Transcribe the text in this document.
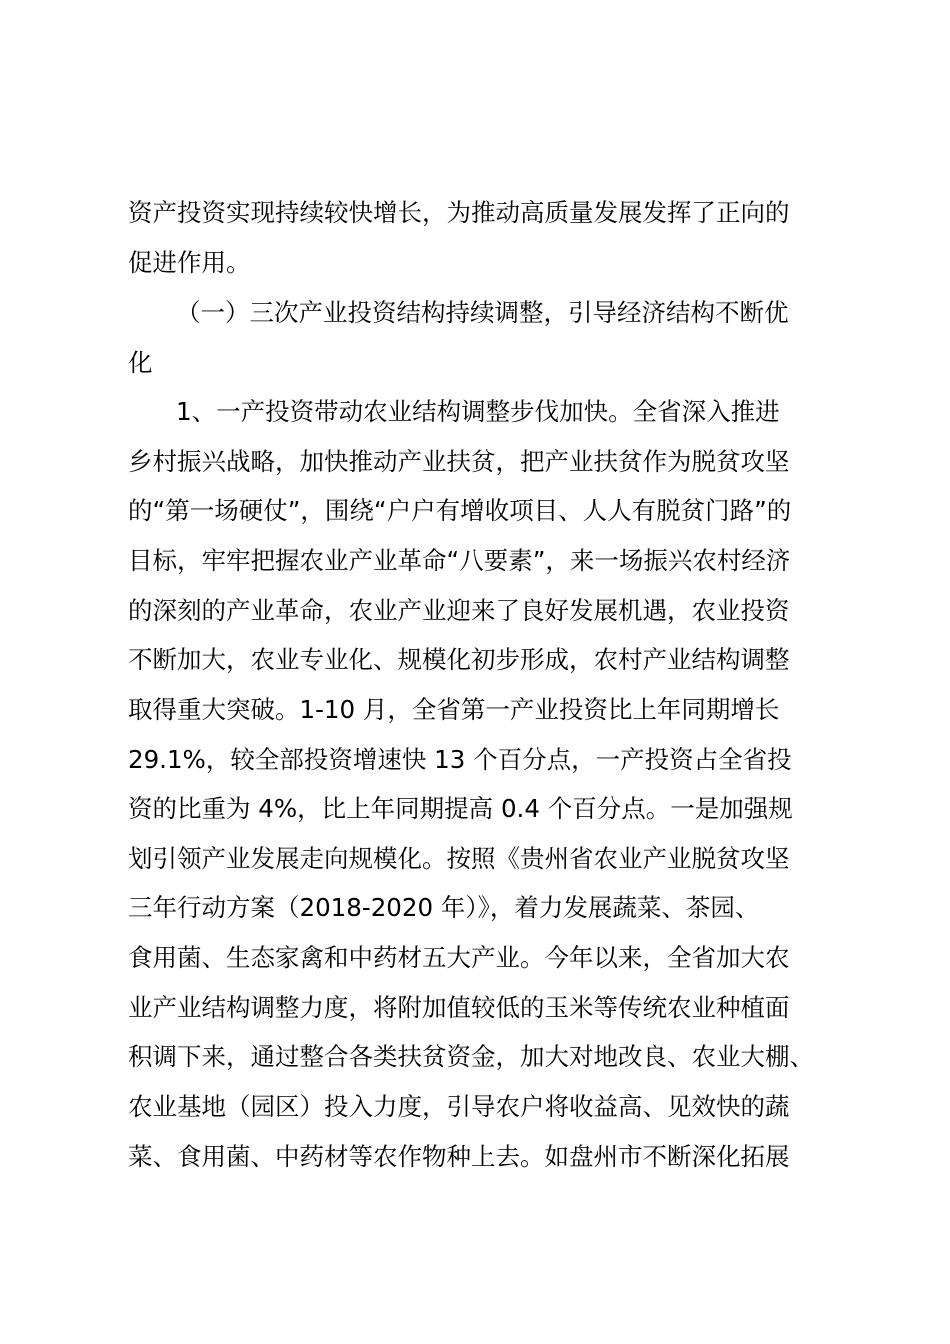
资产投资实现持续较快增长，为推动高质量发展发挥了正向的
促进作用。
（一）三次产业投资结构持续调整，引导经济结构不断优
化
1、一产投资带动农业结构调整步伐加快。全省深入推进
乡村振兴战略，加快推动产业扶贫，把产业扶贫作为脱贫攻坚
的“第一场硬仗”，围绕“户户有增收项目、人人有脱贫门路”的
目标，牢牢把握农业产业革命“八要素”，来一场振兴农村经济
的深刻的产业革命，农业产业迎来了良好发展机遇，农业投资
不断加大，农业专业化、规模化初步形成，农村产业结构调整
取得重大突破。1-10 月，全省第一产业投资比上年同期增长
29.1%，较全部投资增速快 13 个百分点，一产投资占全省投
资的比重为 4%，比上年同期提高 0.4 个百分点。一是加强规
划引领产业发展走向规模化。按照《贵州省农业产业脱贫攻坚
三年行动方案（2018-2020 年）》，着力发展蔬菜、茶园、
食用菌、生态家禽和中药材五大产业。今年以来，全省加大农
业产业结构调整力度，将附加值较低的玉米等传统农业种植面
积调下来，通过整合各类扶贫资金，加大对地改良、农业大棚、
农业基地（园区）投入力度，引导农户将收益高、见效快的蔬
菜、食用菌、中药材等农作物种上去。如盘州市不断深化拓展
